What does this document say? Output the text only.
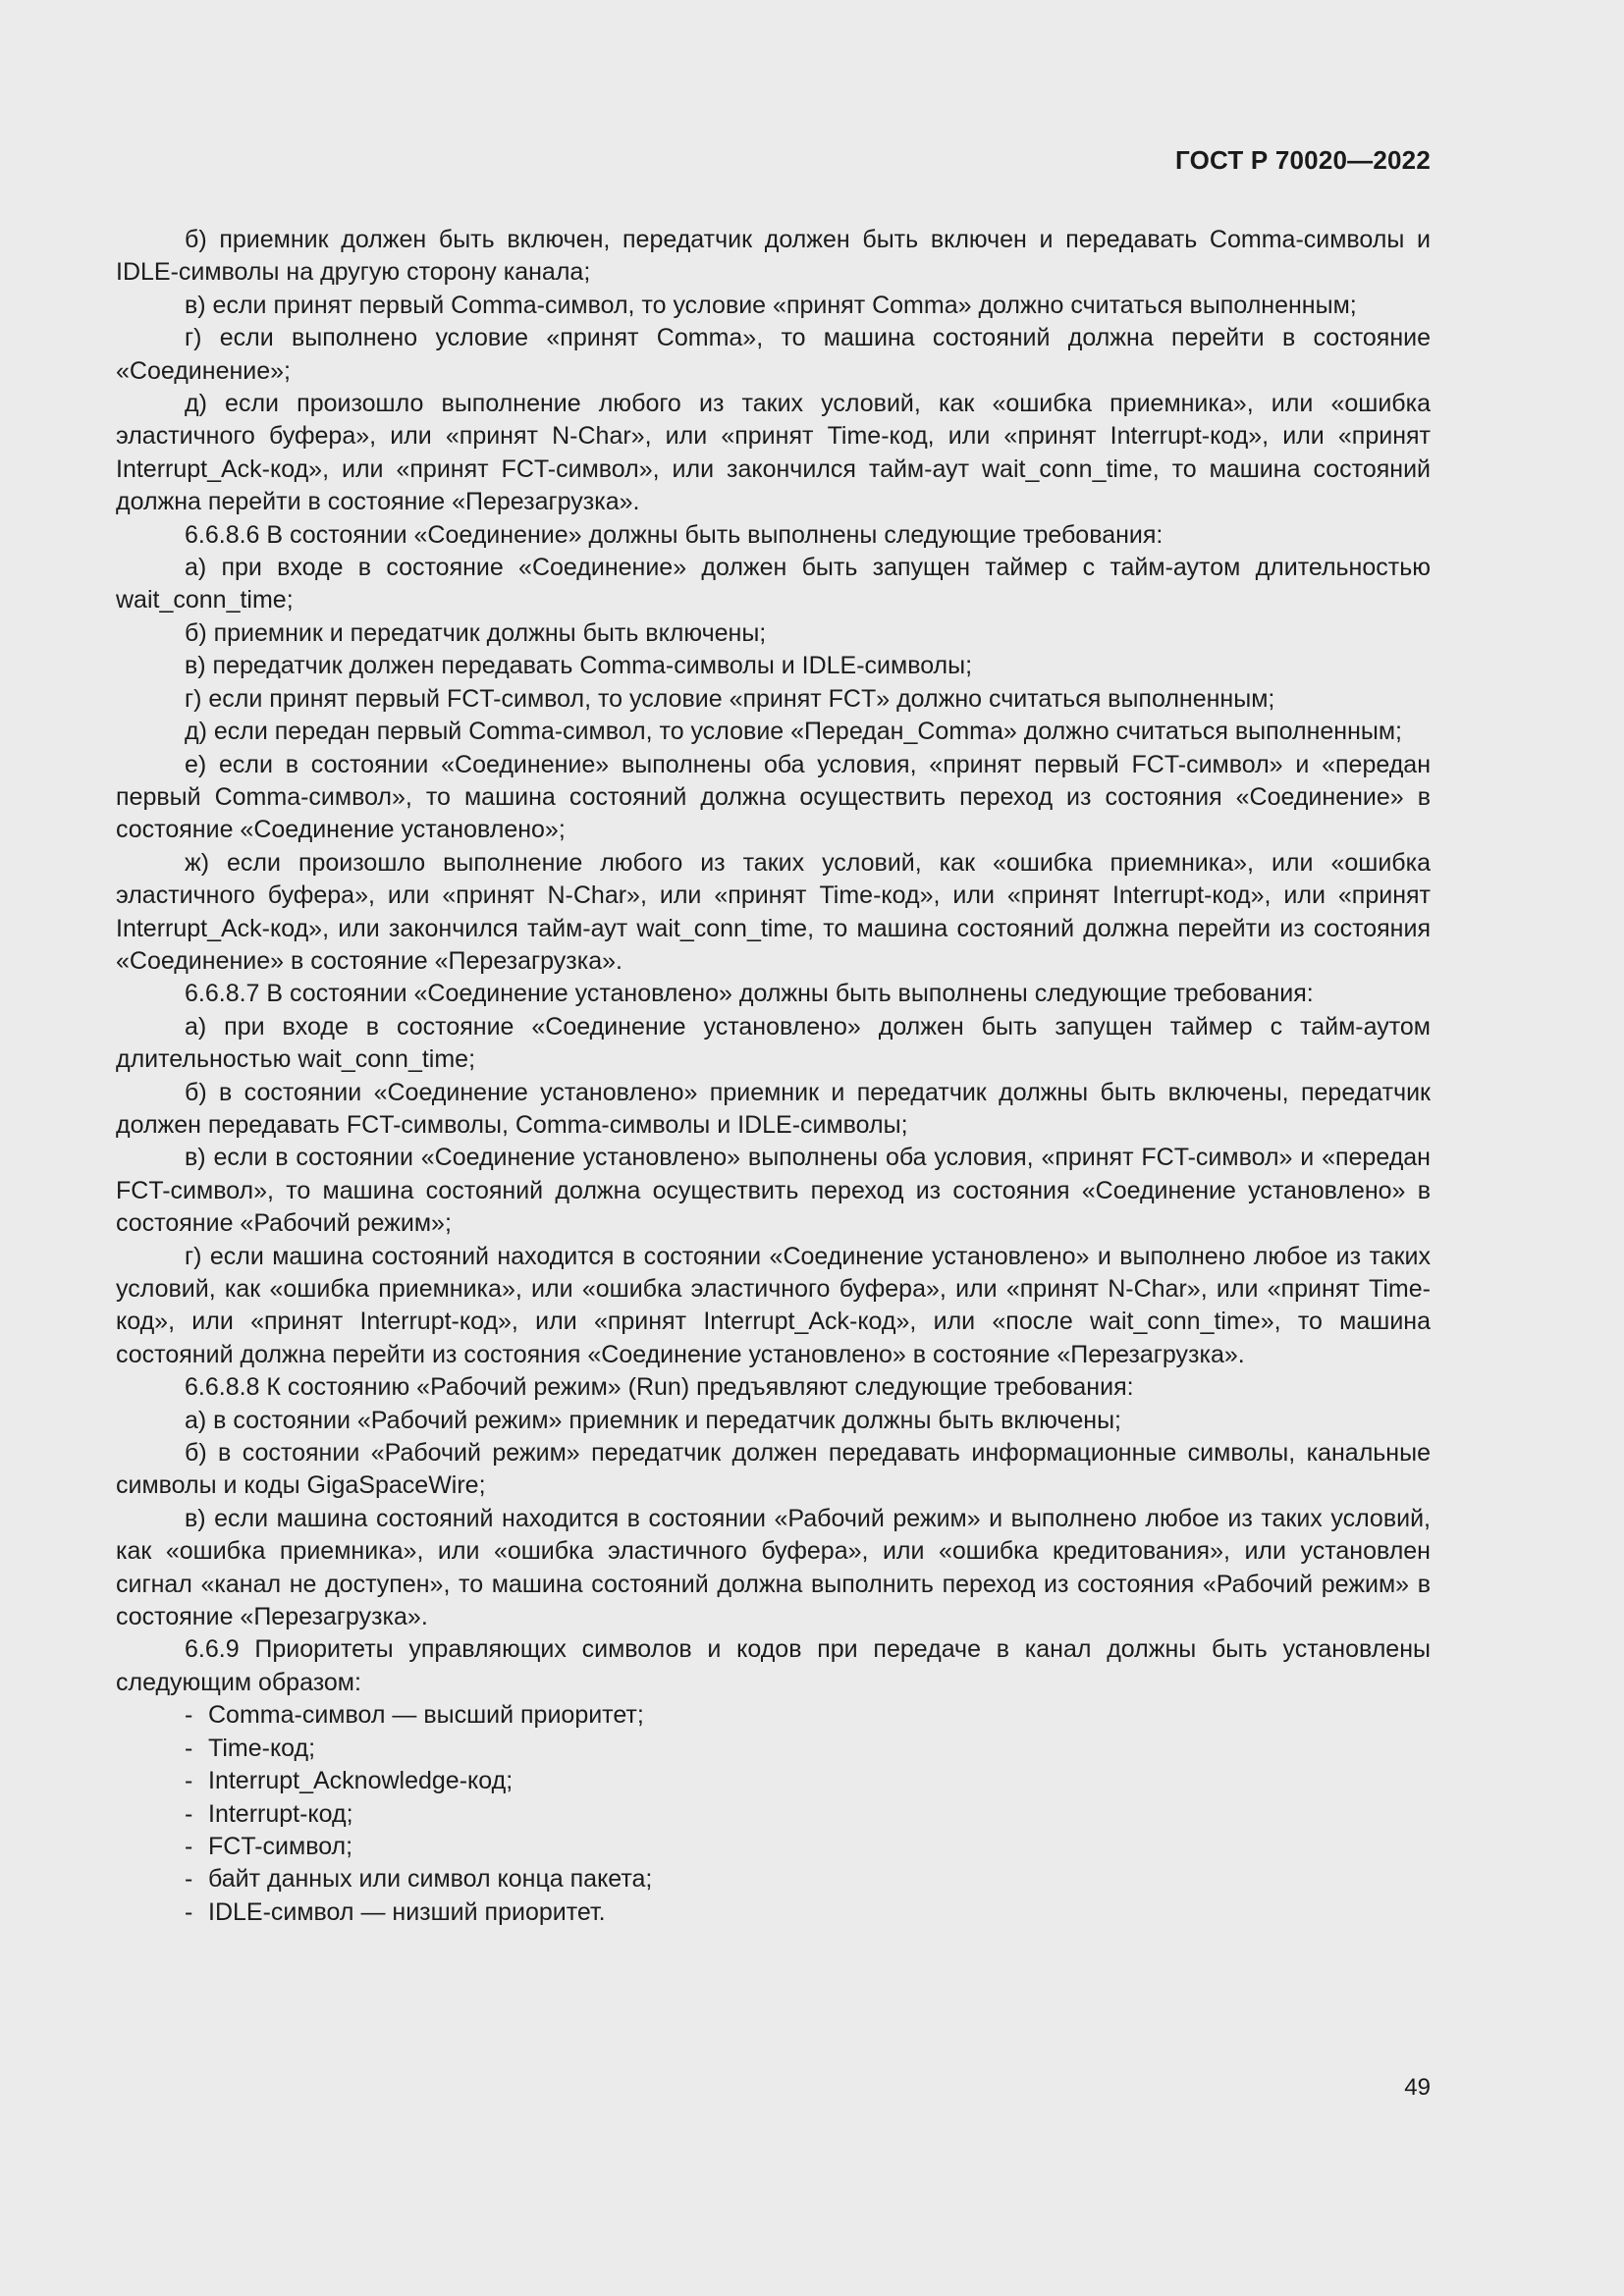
ГОСТ Р 70020—2022

б) приемник должен быть включен, передатчик должен быть включен и передавать Comma-символы и IDLE-символы на другую сторону канала;

в) если принят первый Comma-символ, то условие «принят Comma» должно считаться выполненным;

г) если выполнено условие «принят Comma», то машина состояний должна перейти в состояние «Соединение»;

д) если произошло выполнение любого из таких условий, как «ошибка приемника», или «ошибка эластичного буфера», или «принят N-Char», или «принят Time-код, или «принят Interrupt-код», или «принят Interrupt_Ack-код», или «принят FCT-символ», или закончился тайм-аут wait_conn_time, то машина состояний должна перейти в состояние «Перезагрузка».

6.6.8.6 В состоянии «Соединение» должны быть выполнены следующие требования:

а) при входе в состояние «Соединение» должен быть запущен таймер с тайм-аутом длительностью wait_conn_time;

б) приемник и передатчик должны быть включены;

в) передатчик должен передавать Comma-символы и IDLE-символы;

г) если принят первый FCT-символ, то условие «принят FCT» должно считаться выполненным;

д) если передан первый Comma-символ, то условие «Передан_Comma» должно считаться выполненным;

е) если в состоянии «Соединение» выполнены оба условия, «принят первый FCT-символ» и «передан первый Comma-символ», то машина состояний должна осуществить переход из состояния «Соединение» в состояние «Соединение установлено»;

ж) если произошло выполнение любого из таких условий, как «ошибка приемника», или «ошибка эластичного буфера», или «принят N-Char», или «принят Time-код», или «принят Interrupt-код», или «принят Interrupt_Ack-код», или закончился тайм-аут wait_conn_time, то машина состояний должна перейти из состояния «Соединение» в состояние «Перезагрузка».

6.6.8.7 В состоянии «Соединение установлено» должны быть выполнены следующие требования:

а) при входе в состояние «Соединение установлено» должен быть запущен таймер с тайм-аутом длительностью wait_conn_time;

б) в состоянии «Соединение установлено» приемник и передатчик должны быть включены, передатчик должен передавать FCT-символы, Comma-символы и IDLE-символы;

в) если в состоянии «Соединение установлено» выполнены оба условия, «принят FCT-символ» и «передан FCT-символ», то машина состояний должна осуществить переход из состояния «Соединение установлено» в состояние «Рабочий режим»;

г) если машина состояний находится в состоянии «Соединение установлено» и выполнено любое из таких условий, как «ошибка приемника», или «ошибка эластичного буфера», или «принят N-Char», или «принят Time-код», или «принят Interrupt-код», или «принят Interrupt_Ack-код», или «после wait_conn_time», то машина состояний должна перейти из состояния «Соединение установлено» в состояние «Перезагрузка».

6.6.8.8 К состоянию «Рабочий режим» (Run) предъявляют следующие требования:

а) в состоянии «Рабочий режим» приемник и передатчик должны быть включены;

б) в состоянии «Рабочий режим» передатчик должен передавать информационные символы, канальные символы и коды GigaSpaceWire;

в) если машина состояний находится в состоянии «Рабочий режим» и выполнено любое из таких условий, как «ошибка приемника», или «ошибка эластичного буфера», или «ошибка кредитования», или установлен сигнал «канал не доступен», то машина состояний должна выполнить переход из состояния «Рабочий режим» в состояние «Перезагрузка».

6.6.9 Приоритеты управляющих символов и кодов при передаче в канал должны быть установлены следующим образом:

- Comma-символ — высший приоритет;
- Time-код;
- Interrupt_Acknowledge-код;
- Interrupt-код;
- FCT-символ;
- байт данных или символ конца пакета;
- IDLE-символ — низший приоритет.
49
